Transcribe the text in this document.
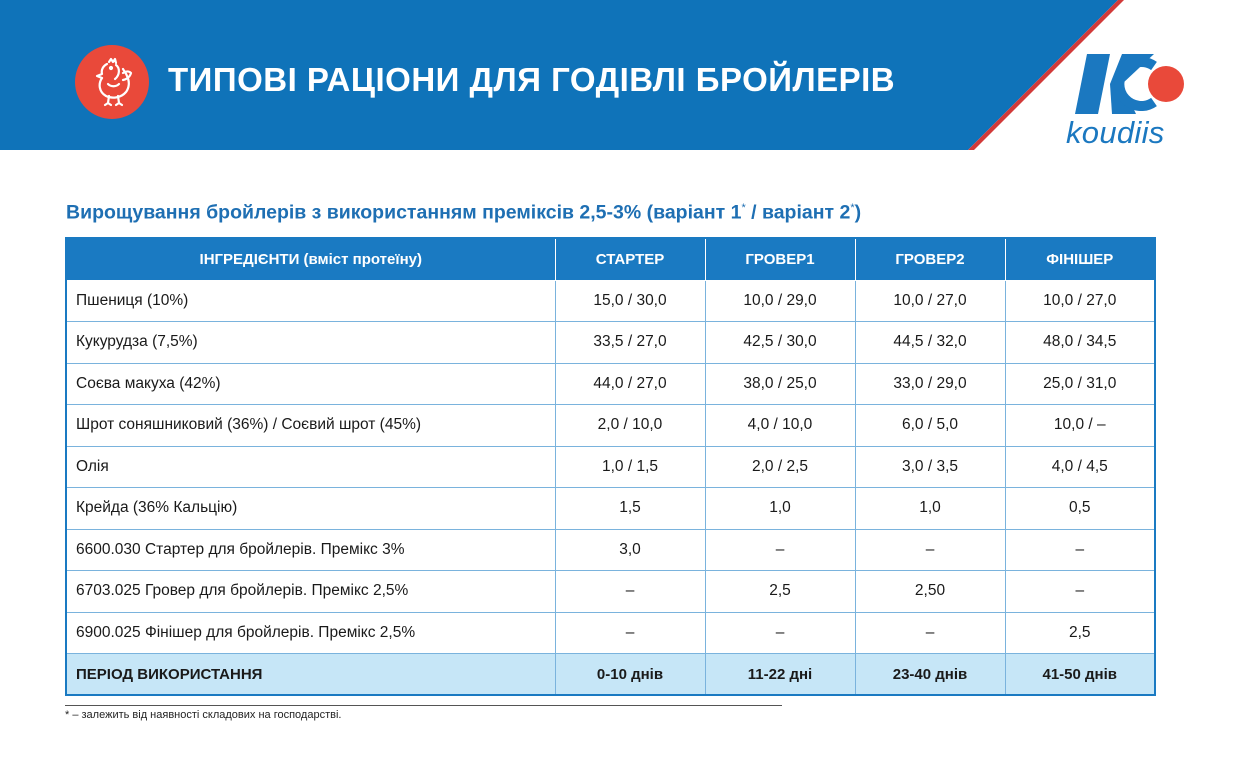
ТИПОВІ РАЦІОНИ ДЛЯ ГОДІВЛІ БРОЙЛЕРІВ
koudiis
Вирощування бройлерів з використанням преміксів 2,5-3% (варіант 1* / варіант 2*)
ІНГРЕДІЄНТИ (вміст протеїну)	СТАРТЕР	ГРОВЕР1	ГРОВЕР2	ФІНІШЕР
Пшениця (10%)	15,0 / 30,0	10,0 / 29,0	10,0 / 27,0	10,0 / 27,0
Кукурудза (7,5%)	33,5 / 27,0	42,5 / 30,0	44,5 / 32,0	48,0 / 34,5
Соєва макуха (42%)	44,0 / 27,0	38,0 / 25,0	33,0 / 29,0	25,0 / 31,0
Шрот соняшниковий (36%) / Соєвий шрот (45%)	2,0 / 10,0	4,0 / 10,0	6,0 / 5,0	10,0 / –
Олія	1,0 / 1,5	2,0 / 2,5	3,0 / 3,5	4,0 / 4,5
Крейда (36% Кальцію)	1,5	1,0	1,0	0,5
6600.030 Стартер для бройлерів. Премікс 3%	3,0	–	–	–
6703.025 Гровер для бройлерів. Премікс 2,5%	–	2,5	2,50	–
6900.025 Фінішер для бройлерів. Премікс 2,5%	–	–	–	2,5
ПЕРІОД ВИКОРИСТАННЯ	0-10 днів	11-22 дні	23-40 днів	41-50 днів
* – залежить від наявності складових на господарстві.
